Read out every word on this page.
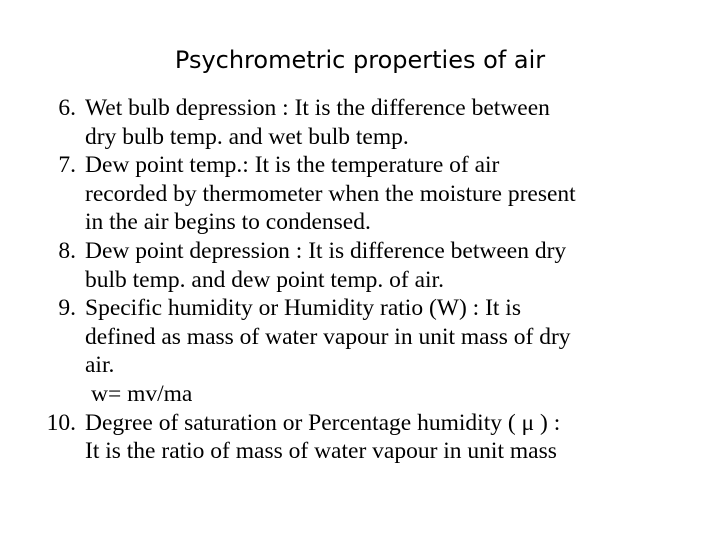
Psychrometric properties of air
6. Wet bulb depression : It is the difference between
dry bulb temp. and wet bulb temp.
7. Dew point temp.: It is the temperature of air
recorded by thermometer when the moisture present
in the air begins to condensed.
8. Dew point depression : It is difference between dry
bulb temp. and dew point temp. of air.
9. Specific humidity or Humidity ratio (W) : It is
defined as mass of water vapour in unit mass of dry
air.
w= mv/ma
10. Degree of saturation or Percentage humidity ( μ ) :
It is the ratio of mass of water vapour in unit mass
